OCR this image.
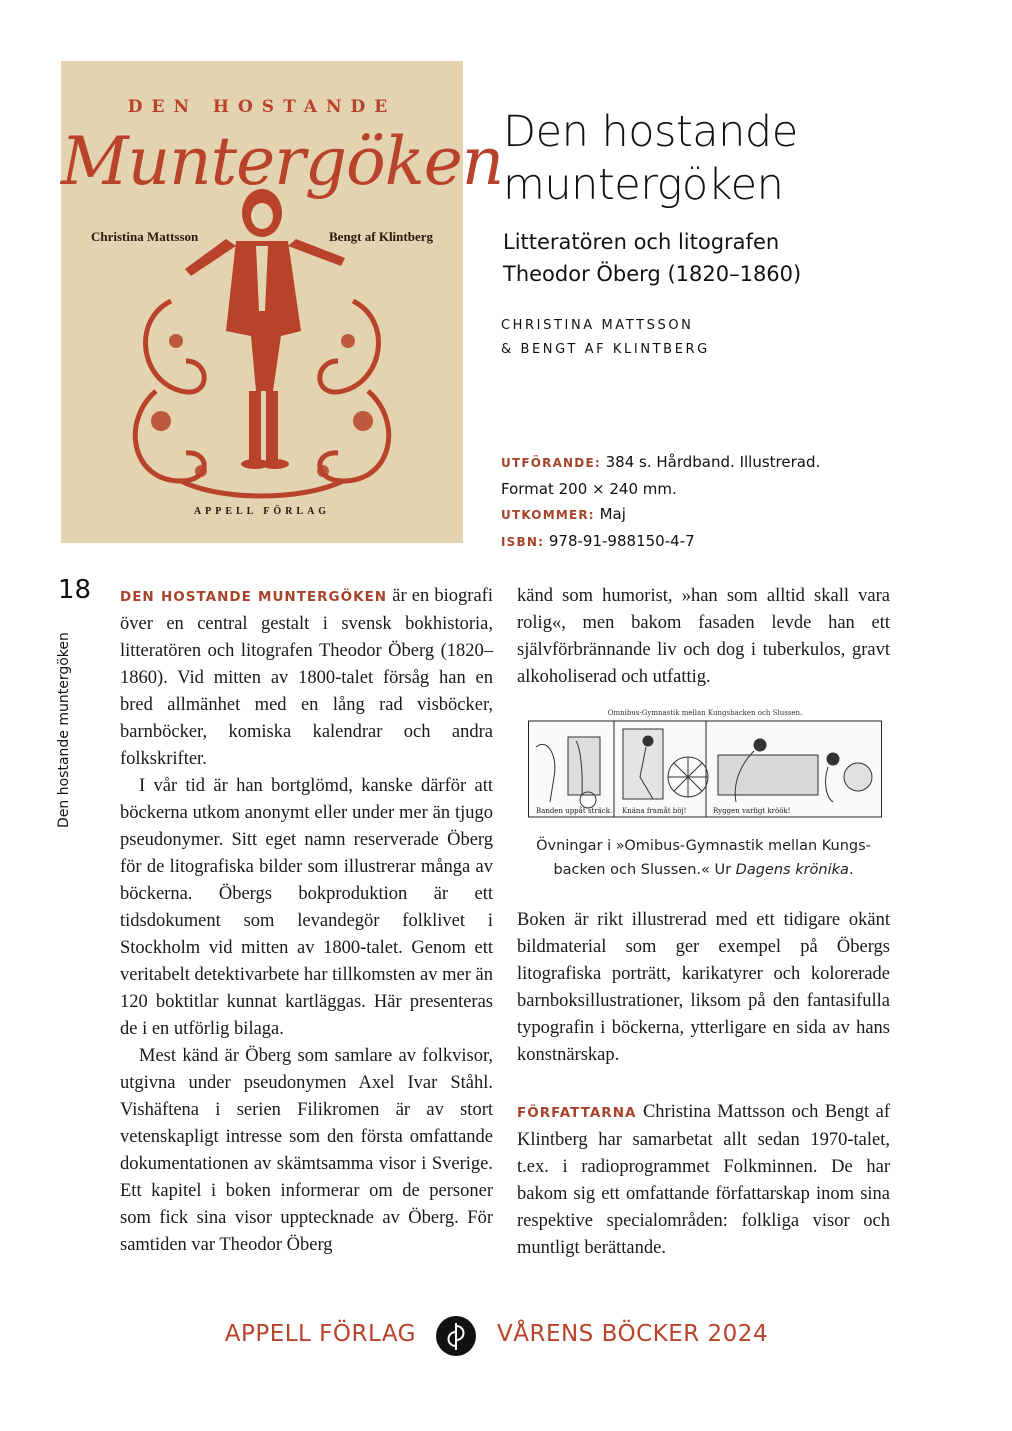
DEN HOSTANDE
Muntergöken
Christina Mattsson	Bengt af Klintberg
APPELL FÖRLAG
Den hostande
muntergöken
Litteratören och litografen
Theodor Öberg (1820–1860)
CHRISTINA MATTSSON
& BENGT AF KLINTBERG
UTFÖRANDE: 384 s. Hårdband. Illustrerad.
Format 200 × 240 mm.
UTKOMMER: Maj
ISBN: 978-91-988150-4-7
18
Den hostande muntergöken

DEN HOSTANDE MUNTERGÖKEN är en biografi över en central gestalt i svensk bokhistoria, litteratören och litografen Theodor Öberg (1820–1860). Vid mitten av 1800-talet försåg han en bred allmänhet med en lång rad visböcker, barnböcker, komiska kalendrar och andra folkskrifter.

I vår tid är han bortglömd, kanske därför att böckerna utkom anonymt eller under mer än tjugo pseudonymer. Sitt eget namn reserverade Öberg för de litografiska bilder som illustrerar många av böckerna. Öbergs bokproduktion är ett tidsdokument som levandegör folklivet i Stockholm vid mitten av 1800-talet. Genom ett veritabelt detektivarbete har tillkomsten av mer än 120 boktitlar kunnat kartläggas. Här presenteras de i en utförlig bilaga.

Mest känd är Öberg som samlare av folkvisor, utgivna under pseudonymen Axel Ivar Ståhl. Vishäftena i serien Filikromen är av stort vetenskapligt intresse som den första omfattande dokumentationen av skämtsamma visor i Sverige. Ett kapitel i boken informerar om de personer som fick sina visor upptecknade av Öberg. För samtiden var Theodor Öberg

känd som humorist, »han som alltid skall vara rolig«, men bakom fasaden levde han ett självförbrännande liv och dog i tuberkulos, gravt alkoholiserad och utfattig.

Omnibus-Gymnastik mellan Kungsbacken och Slussen.
Banden uppåt sträck. Knäna framåt böj!	Ryggen varligt kröök!
Övningar i »Omibus-Gymnastik mellan Kungs-
backen och Slussen.« Ur Dagens krönika.

Boken är rikt illustrerad med ett tidigare okänt bildmaterial som ger exempel på Öbergs litografiska porträtt, karikatyrer och kolorerade barnboksillustrationer, liksom på den fantasifulla typografin i böckerna, ytterligare en sida av hans konstnärskap.

FÖRFATTARNA Christina Mattsson och Bengt af Klintberg har samarbetat allt sedan 1970-talet, t.ex. i radioprogrammet Folkminnen. De har bakom sig ett omfattande författarskap inom sina respektive specialområden: folkliga visor och muntligt berättande.

APPELL FÖRLAG	VÅRENS BÖCKER 2024
